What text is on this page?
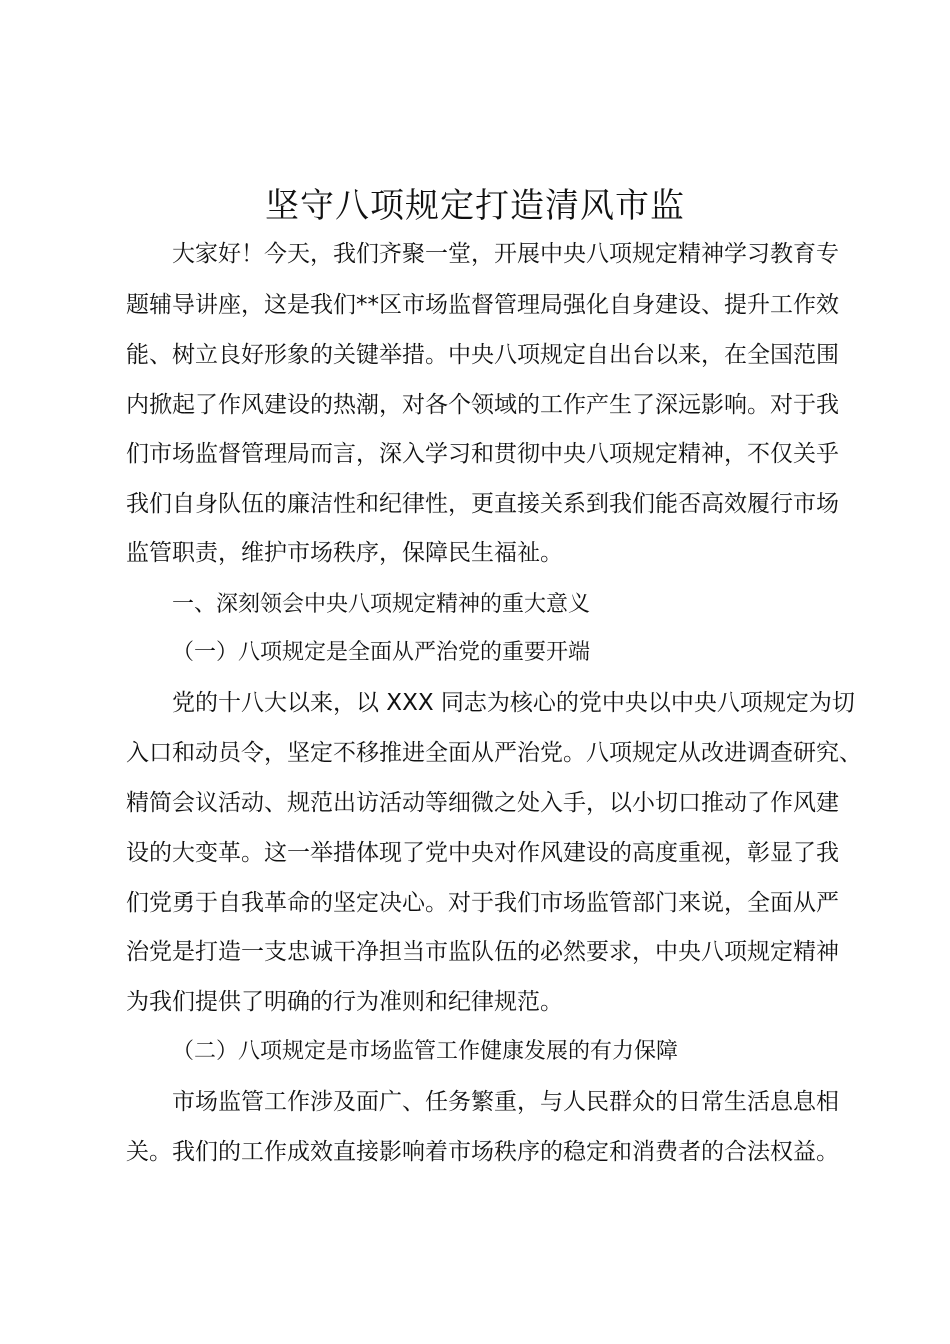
坚守八项规定打造清风市监

大家好！今天，我们齐聚一堂，开展中央八项规定精神学习教育专

题辅导讲座，这是我们**区市场监督管理局强化自身建设、提升工作效

能、树立良好形象的关键举措。中央八项规定自出台以来，在全国范围

内掀起了作风建设的热潮，对各个领域的工作产生了深远影响。对于我

们市场监督管理局而言，深入学习和贯彻中央八项规定精神，不仅关乎

我们自身队伍的廉洁性和纪律性，更直接关系到我们能否高效履行市场

监管职责，维护市场秩序，保障民生福祉。

一、深刻领会中央八项规定精神的重大意义

（一）八项规定是全面从严治党的重要开端

党的十八大以来，以 XXX 同志为核心的党中央以中央八项规定为切

入口和动员令，坚定不移推进全面从严治党。八项规定从改进调查研究、

精简会议活动、规范出访活动等细微之处入手，以小切口推动了作风建

设的大变革。这一举措体现了党中央对作风建设的高度重视，彰显了我

们党勇于自我革命的坚定决心。对于我们市场监管部门来说，全面从严

治党是打造一支忠诚干净担当市监队伍的必然要求，中央八项规定精神

为我们提供了明确的行为准则和纪律规范。

（二）八项规定是市场监管工作健康发展的有力保障

市场监管工作涉及面广、任务繁重，与人民群众的日常生活息息相

关。我们的工作成效直接影响着市场秩序的稳定和消费者的合法权益。
